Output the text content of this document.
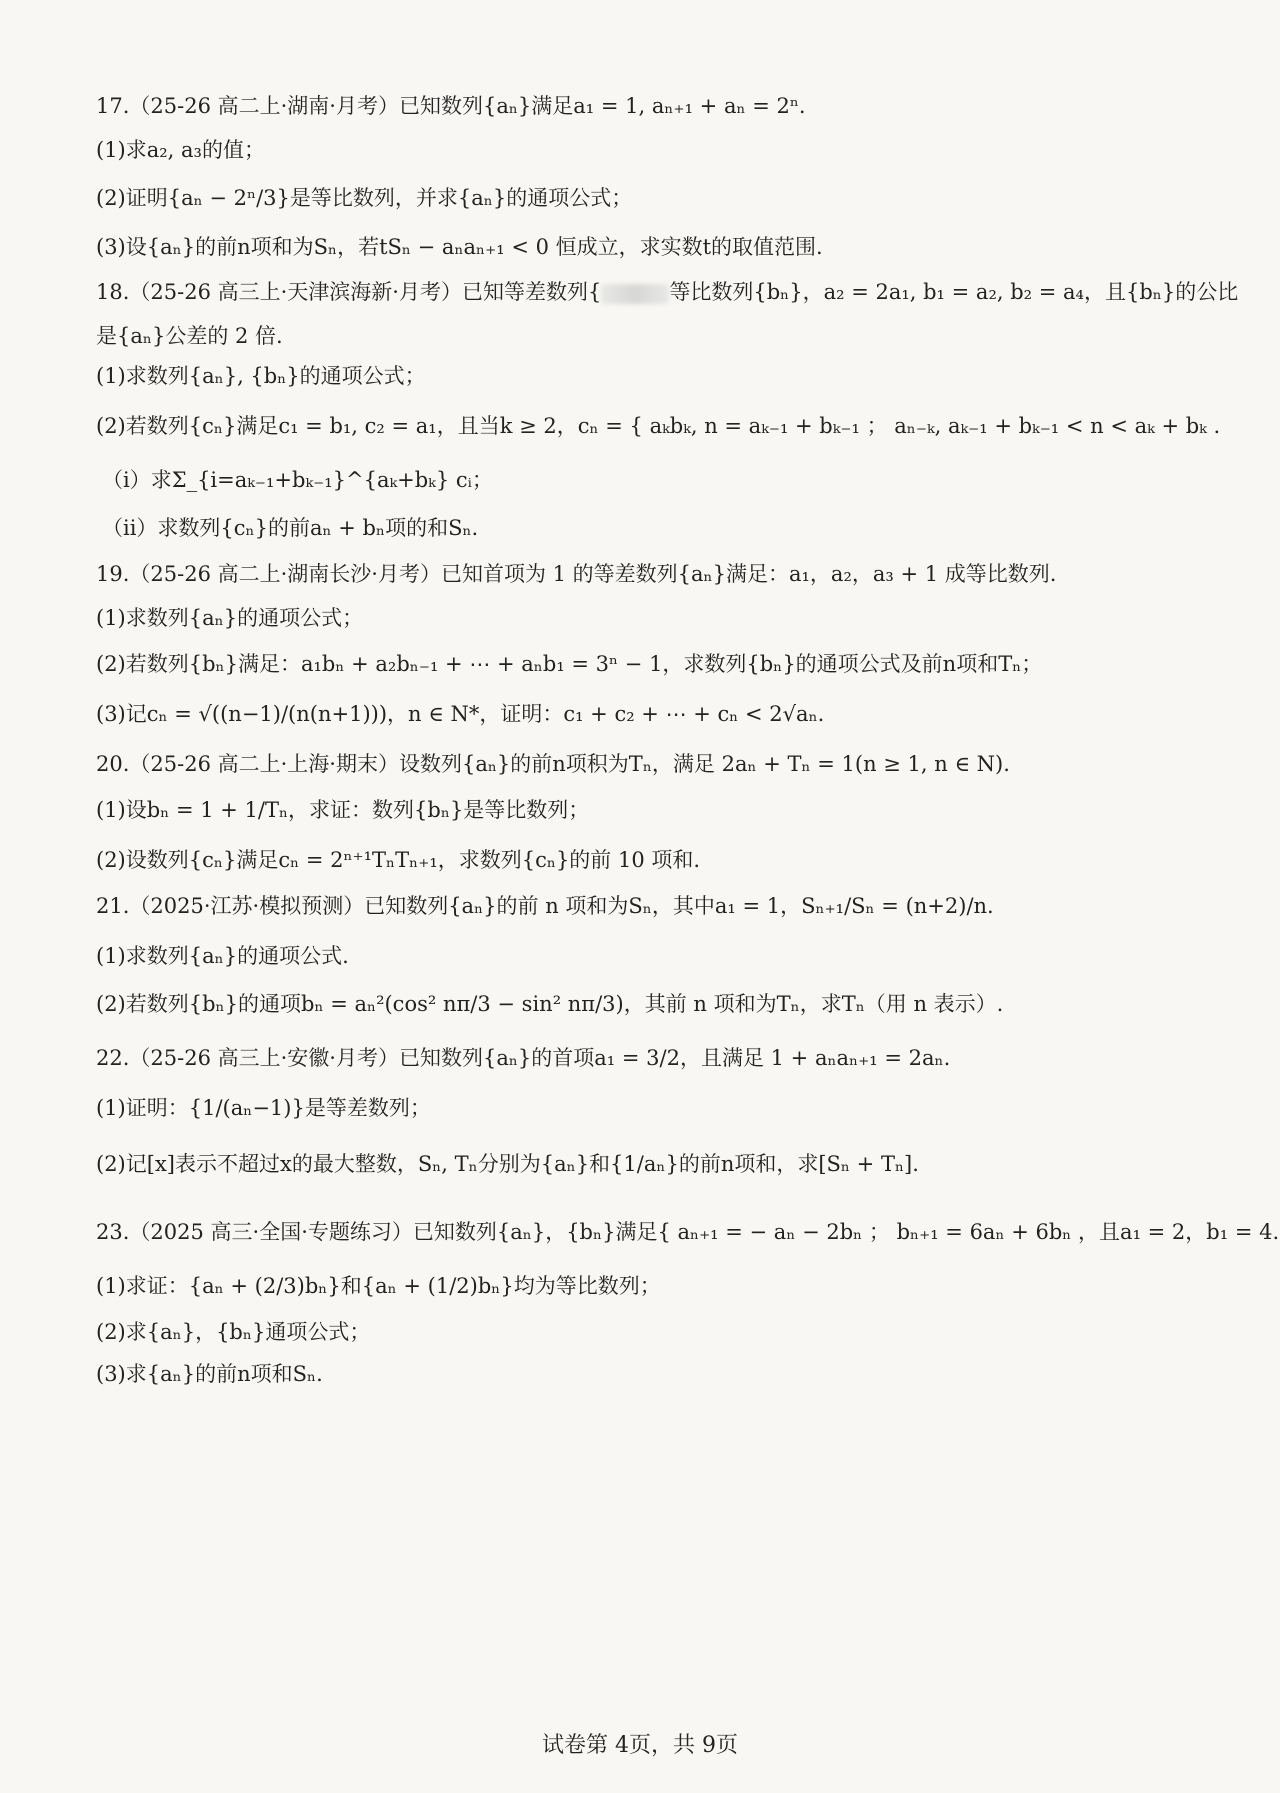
17.（25-26 高二上·湖南·月考）已知数列{aₙ}满足a₁ = 1, aₙ₊₁ + aₙ = 2ⁿ.
(1)求a₂, a₃的值；
(2)证明{aₙ − 2ⁿ/3}是等比数列，并求{aₙ}的通项公式；
(3)设{aₙ}的前n项和为Sₙ，若tSₙ − aₙaₙ₊₁ < 0 恒成立，求实数t的取值范围.
18.（25-26 高三上·天津滨海新·月考）已知等差数列{	等比数列{bₙ}，a₂ = 2a₁, b₁ = a₂, b₂ = a₄，且{bₙ}的公比
是{aₙ}公差的 2 倍.
(1)求数列{aₙ}, {bₙ}的通项公式；
(2)若数列{cₙ}满足c₁ = b₁, c₂ = a₁，且当k ≥ 2，cₙ = { aₖbₖ, n = aₖ₋₁ + bₖ₋₁ ； aₙ₋ₖ, aₖ₋₁ + bₖ₋₁ < n < aₖ + bₖ .
（i）求Σ_{i=aₖ₋₁+bₖ₋₁}^{aₖ+bₖ} cᵢ；
（ii）求数列{cₙ}的前aₙ + bₙ项的和Sₙ.
19.（25-26 高二上·湖南长沙·月考）已知首项为 1 的等差数列{aₙ}满足：a₁，a₂，a₃ + 1 成等比数列.
(1)求数列{aₙ}的通项公式；
(2)若数列{bₙ}满足：a₁bₙ + a₂bₙ₋₁ + ⋯ + aₙb₁ = 3ⁿ − 1，求数列{bₙ}的通项公式及前n项和Tₙ；
(3)记cₙ = √((n−1)/(n(n+1)))，n ∈ N*，证明：c₁ + c₂ + ⋯ + cₙ < 2√aₙ.
20.（25-26 高二上·上海·期末）设数列{aₙ}的前n项积为Tₙ，满足 2aₙ + Tₙ = 1(n ≥ 1, n ∈ N).
(1)设bₙ = 1 + 1/Tₙ，求证：数列{bₙ}是等比数列；
(2)设数列{cₙ}满足cₙ = 2ⁿ⁺¹TₙTₙ₊₁，求数列{cₙ}的前 10 项和.
21.（2025·江苏·模拟预测）已知数列{aₙ}的前 n 项和为Sₙ，其中a₁ = 1，Sₙ₊₁/Sₙ = (n+2)/n.
(1)求数列{aₙ}的通项公式.
(2)若数列{bₙ}的通项bₙ = aₙ²(cos² nπ/3 − sin² nπ/3)，其前 n 项和为Tₙ，求Tₙ（用 n 表示）.
22.（25-26 高三上·安徽·月考）已知数列{aₙ}的首项a₁ = 3/2，且满足 1 + aₙaₙ₊₁ = 2aₙ.
(1)证明：{1/(aₙ−1)}是等差数列；
(2)记[x]表示不超过x的最大整数，Sₙ, Tₙ分别为{aₙ}和{1/aₙ}的前n项和，求[Sₙ + Tₙ].
23.（2025 高三·全国·专题练习）已知数列{aₙ}，{bₙ}满足{ aₙ₊₁ = − aₙ − 2bₙ ； bₙ₊₁ = 6aₙ + 6bₙ ，且a₁ = 2，b₁ = 4.
(1)求证：{aₙ + (2/3)bₙ}和{aₙ + (1/2)bₙ}均为等比数列；
(2)求{aₙ}，{bₙ}通项公式；
(3)求{aₙ}的前n项和Sₙ.
试卷第 4页，共 9页
